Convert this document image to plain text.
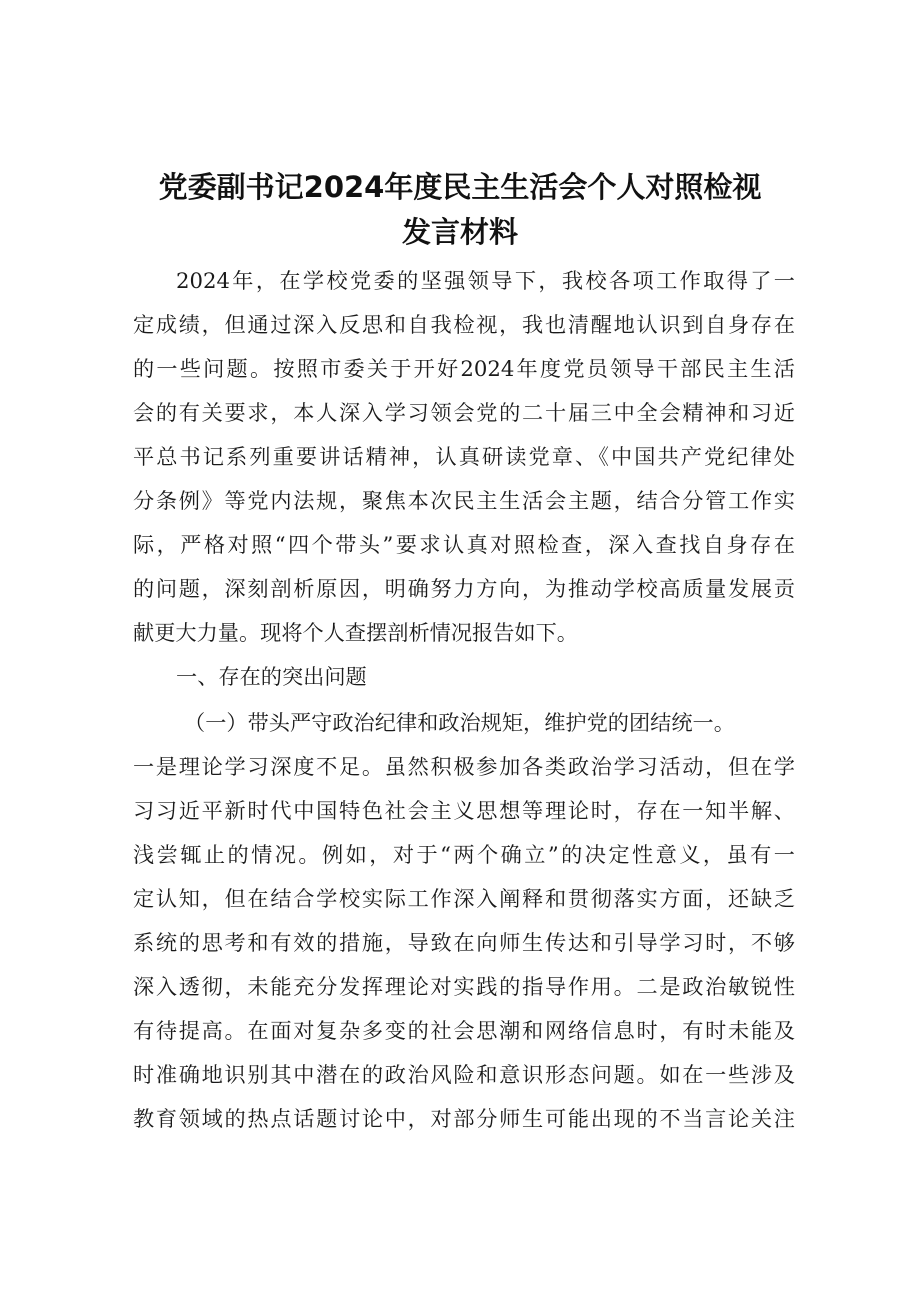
党委副书记2024年度民主生活会个人对照检视
发言材料
2024年，在学校党委的坚强领导下，我校各项工作取得了一
定成绩，但通过深入反思和自我检视，我也清醒地认识到自身存在
的一些问题。按照市委关于开好2024年度党员领导干部民主生活
会的有关要求，本人深入学习领会党的二十届三中全会精神和习近
平总书记系列重要讲话精神，认真研读党章、《中国共产党纪律处
分条例》等党内法规，聚焦本次民主生活会主题，结合分管工作实
际，严格对照“四个带头”要求认真对照检查，深入查找自身存在
的问题，深刻剖析原因，明确努力方向，为推动学校高质量发展贡
献更大力量。现将个人查摆剖析情况报告如下。
一、存在的突出问题
（一）带头严守政治纪律和政治规矩，维护党的团结统一。
一是理论学习深度不足。虽然积极参加各类政治学习活动，但在学
习习近平新时代中国特色社会主义思想等理论时，存在一知半解、
浅尝辄止的情况。例如，对于“两个确立”的决定性意义，虽有一
定认知，但在结合学校实际工作深入阐释和贯彻落实方面，还缺乏
系统的思考和有效的措施，导致在向师生传达和引导学习时，不够
深入透彻，未能充分发挥理论对实践的指导作用。二是政治敏锐性
有待提高。在面对复杂多变的社会思潮和网络信息时，有时未能及
时准确地识别其中潜在的政治风险和意识形态问题。如在一些涉及
教育领域的热点话题讨论中，对部分师生可能出现的不当言论关注
